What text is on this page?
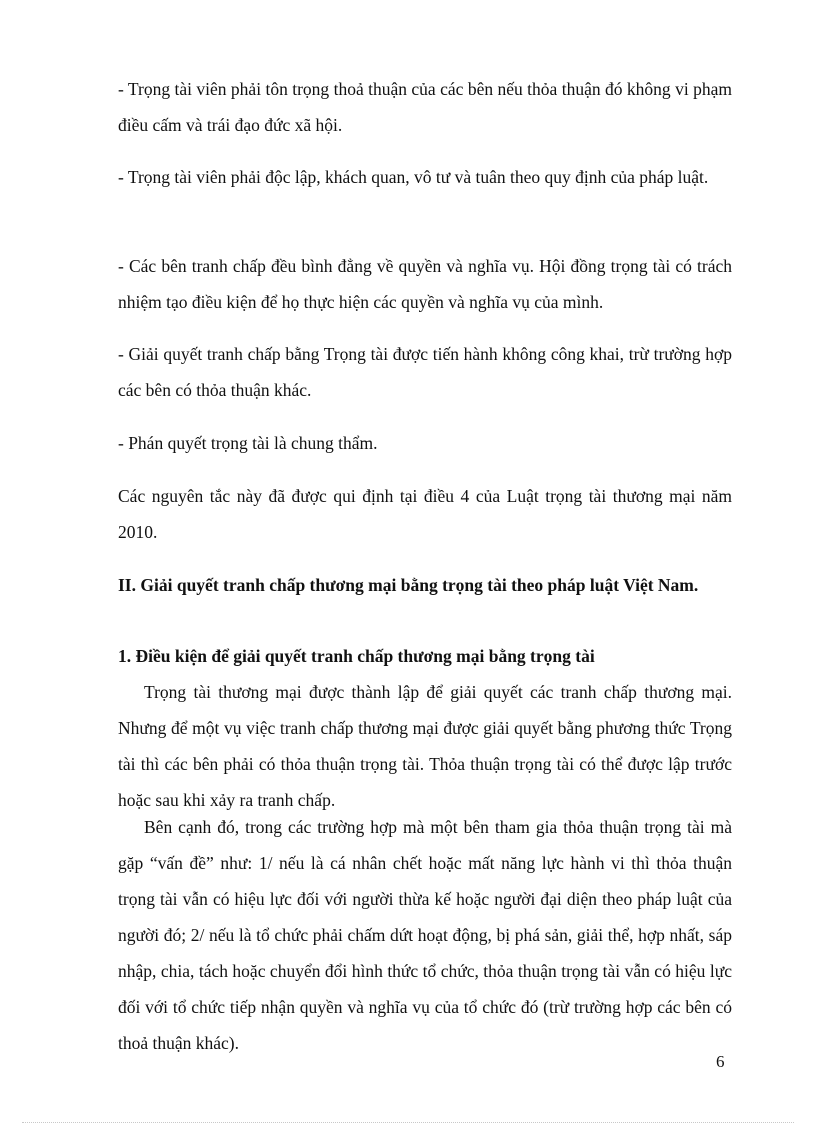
- Trọng tài viên phải tôn trọng thoả thuận của các bên nếu thỏa thuận đó không vi phạm điều cấm và trái đạo đức xã hội.

- Trọng tài viên phải độc lập, khách quan, vô tư và tuân theo quy định của pháp luật.

- Các bên tranh chấp đều bình đẳng về quyền và nghĩa vụ. Hội đồng trọng tài có trách nhiệm tạo điều kiện để họ thực hiện các quyền và nghĩa vụ của mình.

- Giải quyết tranh chấp bằng Trọng tài được tiến hành không công khai, trừ trường hợp các bên có thỏa thuận khác.

- Phán quyết trọng tài là chung thẩm.

Các nguyên tắc này đã được qui định tại điều 4 của Luật trọng tài thương mại năm 2010.

II. Giải quyết tranh chấp thương mại bằng trọng tài theo pháp luật Việt Nam.

1. Điều kiện để giải quyết tranh chấp thương mại bằng trọng tài

Trọng tài thương mại được thành lập để giải quyết các tranh chấp thương mại. Nhưng để một vụ việc tranh chấp thương mại được giải quyết bằng phương thức Trọng tài thì các bên phải có thỏa thuận trọng tài. Thỏa thuận trọng tài có thể được lập trước hoặc sau khi xảy ra tranh chấp.

Bên cạnh đó, trong các trường hợp mà một bên tham gia thỏa thuận trọng tài mà gặp “vấn đề” như: 1/ nếu là cá nhân chết hoặc mất năng lực hành vi thì thỏa thuận trọng tài vẫn có hiệu lực đối với người thừa kế hoặc người đại diện theo pháp luật của người đó; 2/ nếu là tổ chức phải chấm dứt hoạt động, bị phá sản, giải thể, hợp nhất, sáp nhập, chia, tách hoặc chuyển đổi hình thức tổ chức, thỏa thuận trọng tài vẫn có hiệu lực đối với tổ chức tiếp nhận quyền và nghĩa vụ của tổ chức đó (trừ trường hợp các bên có thoả thuận khác).

6
